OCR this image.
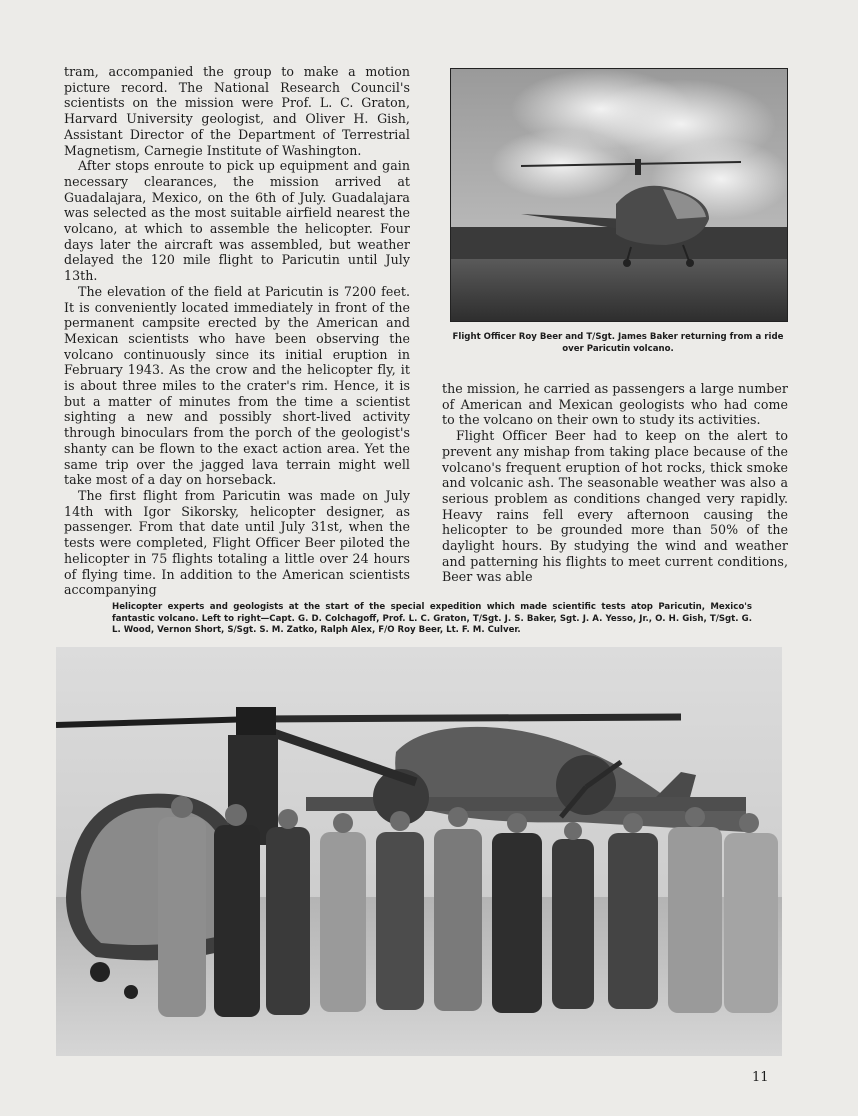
tram, accompanied the group to make a motion picture record. The National Research Council's scientists on the mission were Prof. L. C. Graton, Harvard University geologist, and Oliver H. Gish, Assistant Director of the Department of Terrestrial Magnetism, Carnegie Institute of Washington.

After stops enroute to pick up equipment and gain necessary clearances, the mission arrived at Guadalajara, Mexico, on the 6th of July. Guadalajara was selected as the most suitable airfield nearest the volcano, at which to assemble the helicopter. Four days later the aircraft was assembled, but weather delayed the 120 mile flight to Paricutin until July 13th.

The elevation of the field at Paricutin is 7200 feet. It is conveniently located immediately in front of the permanent campsite erected by the American and Mexican scientists who have been observing the volcano continuously since its initial eruption in February 1943. As the crow and the helicopter fly, it is about three miles to the crater's rim. Hence, it is but a matter of minutes from the time a scientist sighting a new and possibly short-lived activity through binoculars from the porch of the geologist's shanty can be flown to the exact action area. Yet the same trip over the jagged lava terrain might well take most of a day on horseback.

The first flight from Paricutin was made on July 14th with Igor Sikorsky, helicopter designer, as passenger. From that date until July 31st, when the tests were completed, Flight Officer Beer piloted the helicopter in 75 flights totaling a little over 24 hours of flying time. In addition to the American scientists accompanying

Flight Officer Roy Beer and T/Sgt. James Baker returning from a ride over Paricutin volcano.

the mission, he carried as passengers a large number of American and Mexican geologists who had come to the volcano on their own to study its activities.

Flight Officer Beer had to keep on the alert to prevent any mishap from taking place because of the volcano's frequent eruption of hot rocks, thick smoke and volcanic ash. The seasonable weather was also a serious problem as conditions changed very rapidly. Heavy rains fell every afternoon causing the helicopter to be grounded more than 50% of the daylight hours. By studying the wind and weather and patterning his flights to meet current conditions, Beer was able

Helicopter experts and geologists at the start of the special expedition which made scientific tests atop Paricutin, Mexico's fantastic volcano. Left to right—Capt. G. D. Colchagoff, Prof. L. C. Graton, T/Sgt. J. S. Baker, Sgt. J. A. Yesso, Jr., O. H. Gish, T/Sgt. G. L. Wood, Vernon Short, S/Sgt. S. M. Zatko, Ralph Alex, F/O Roy Beer, Lt. F. M. Culver.
11
